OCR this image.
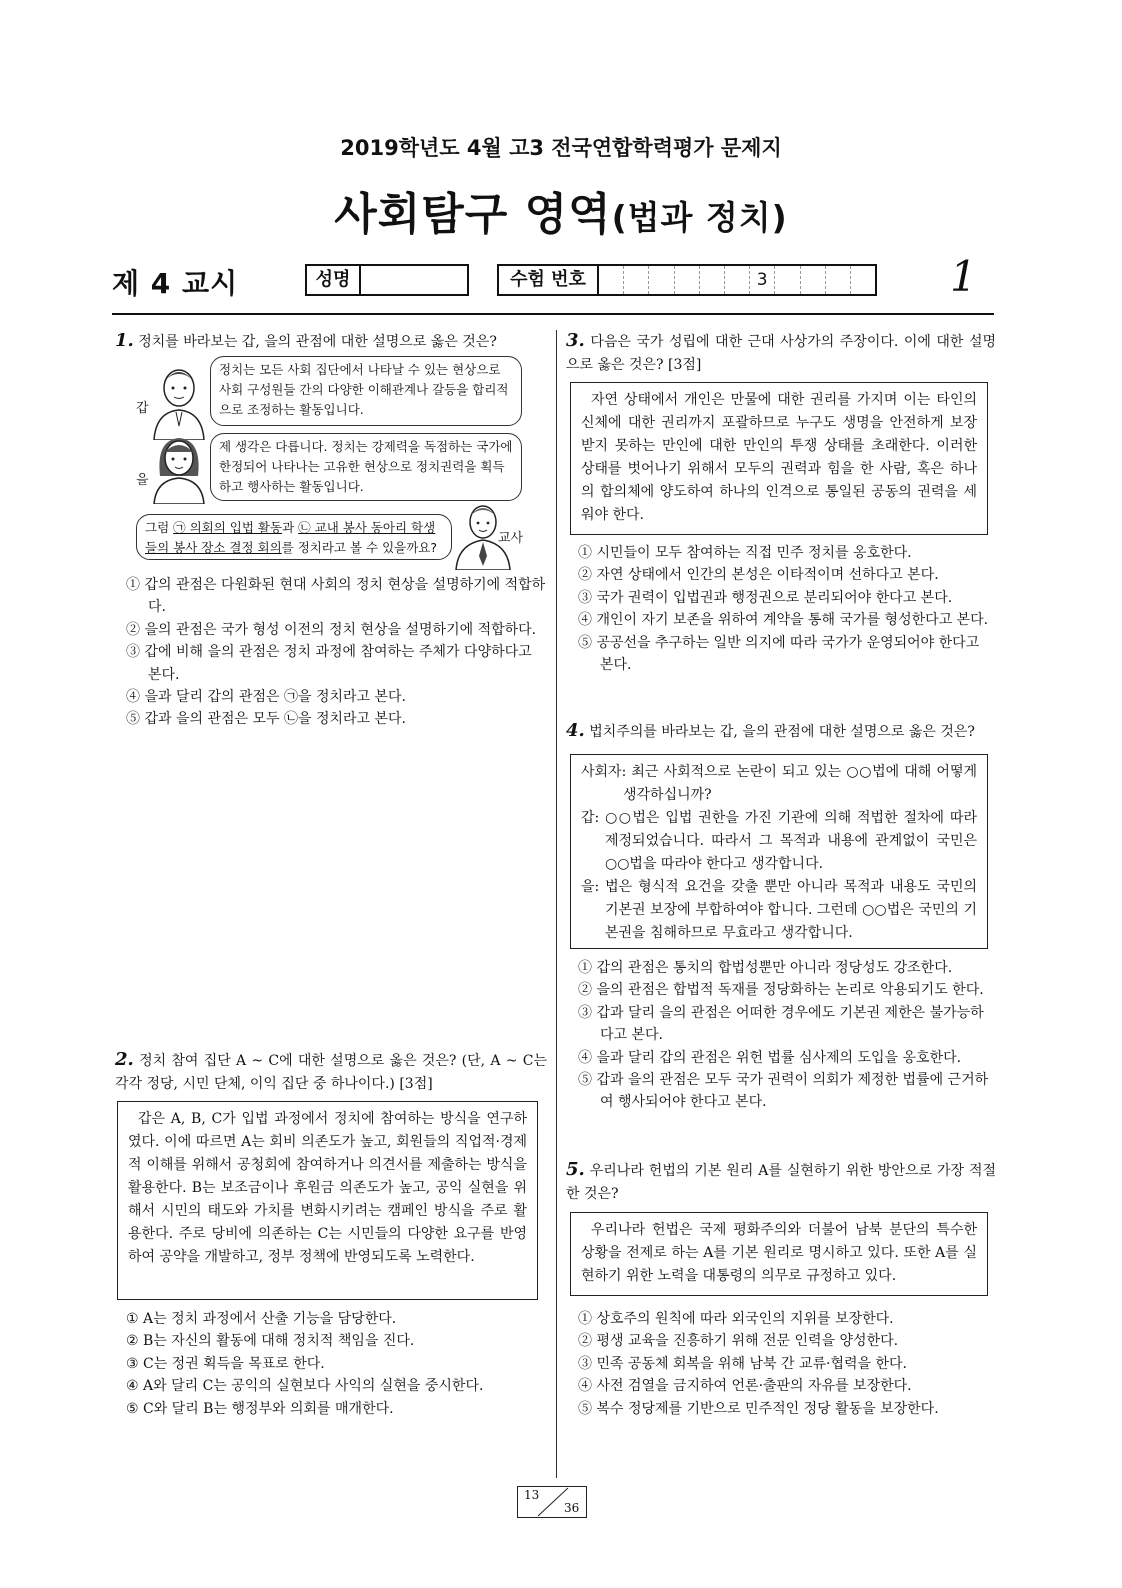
2019학년도 4월 고3 전국연합학력평가 문제지
사회탐구 영역(법과 정치)
제 4 교시	성명	수험 번호	3	1
1. 정치를 바라보는 갑, 을의 관점에 대한 설명으로 옳은 것은?
갑
정치는 모든 사회 집단에서 나타날 수 있는 현상으로
사회 구성원들 간의 다양한 이해관계나 갈등을 합리적
으로 조정하는 활동입니다.
을
제 생각은 다릅니다. 정치는 강제력을 독점하는 국가에
한정되어 나타나는 고유한 현상으로 정치권력을 획득
하고 행사하는 활동입니다.
그럼 ㉠ 의회의 입법 활동과 ㉡ 교내 봉사 동아리 학생
들의 봉사 장소 결정 회의를 정치라고 볼 수 있을까요?
교사
① 갑의 관점은 다원화된 현대 사회의 정치 현상을 설명하기에 적합하다.
② 을의 관점은 국가 형성 이전의 정치 현상을 설명하기에 적합하다.
③ 갑에 비해 을의 관점은 정치 과정에 참여하는 주체가 다양하다고 본다.
④ 을과 달리 갑의 관점은 ㉠을 정치라고 본다.
⑤ 갑과 을의 관점은 모두 ㉡을 정치라고 본다.
2. 정치 참여 집단 A ~ C에 대한 설명으로 옳은 것은? (단, A ~ C는 각각 정당, 시민 단체, 이익 집단 중 하나이다.) [3점]
갑은 A, B, C가 입법 과정에서 정치에 참여하는 방식을 연구하였다. 이에 따르면 A는 회비 의존도가 높고, 회원들의 직업적·경제적 이해를 위해서 공청회에 참여하거나 의견서를 제출하는 방식을 활용한다. B는 보조금이나 후원금 의존도가 높고, 공익 실현을 위해서 시민의 태도와 가치를 변화시키려는 캠페인 방식을 주로 활용한다. 주로 당비에 의존하는 C는 시민들의 다양한 요구를 반영하여 공약을 개발하고, 정부 정책에 반영되도록 노력한다.
① A는 정치 과정에서 산출 기능을 담당한다.
② B는 자신의 활동에 대해 정치적 책임을 진다.
③ C는 정권 획득을 목표로 한다.
④ A와 달리 C는 공익의 실현보다 사익의 실현을 중시한다.
⑤ C와 달리 B는 행정부와 의회를 매개한다.
3. 다음은 국가 성립에 대한 근대 사상가의 주장이다. 이에 대한 설명으로 옳은 것은? [3점]
자연 상태에서 개인은 만물에 대한 권리를 가지며 이는 타인의 신체에 대한 권리까지 포괄하므로 누구도 생명을 안전하게 보장받지 못하는 만인에 대한 만인의 투쟁 상태를 초래한다. 이러한 상태를 벗어나기 위해서 모두의 권력과 힘을 한 사람, 혹은 하나의 합의체에 양도하여 하나의 인격으로 통일된 공동의 권력을 세워야 한다.
① 시민들이 모두 참여하는 직접 민주 정치를 옹호한다.
② 자연 상태에서 인간의 본성은 이타적이며 선하다고 본다.
③ 국가 권력이 입법권과 행정권으로 분리되어야 한다고 본다.
④ 개인이 자기 보존을 위하여 계약을 통해 국가를 형성한다고 본다.
⑤ 공공선을 추구하는 일반 의지에 따라 국가가 운영되어야 한다고 본다.
4. 법치주의를 바라보는 갑, 을의 관점에 대한 설명으로 옳은 것은?
사회자: 최근 사회적으로 논란이 되고 있는 ○○법에 대해 어떻게 생각하십니까?
갑: ○○법은 입법 권한을 가진 기관에 의해 적법한 절차에 따라 제정되었습니다. 따라서 그 목적과 내용에 관계없이 국민은 ○○법을 따라야 한다고 생각합니다.
을: 법은 형식적 요건을 갖출 뿐만 아니라 목적과 내용도 국민의 기본권 보장에 부합하여야 합니다. 그런데 ○○법은 국민의 기본권을 침해하므로 무효라고 생각합니다.
① 갑의 관점은 통치의 합법성뿐만 아니라 정당성도 강조한다.
② 을의 관점은 합법적 독재를 정당화하는 논리로 악용되기도 한다.
③ 갑과 달리 을의 관점은 어떠한 경우에도 기본권 제한은 불가능하다고 본다.
④ 을과 달리 갑의 관점은 위헌 법률 심사제의 도입을 옹호한다.
⑤ 갑과 을의 관점은 모두 국가 권력이 의회가 제정한 법률에 근거하여 행사되어야 한다고 본다.
5. 우리나라 헌법의 기본 원리 A를 실현하기 위한 방안으로 가장 적절한 것은?
우리나라 헌법은 국제 평화주의와 더불어 남북 분단의 특수한 상황을 전제로 하는 A를 기본 원리로 명시하고 있다. 또한 A를 실현하기 위한 노력을 대통령의 의무로 규정하고 있다.
① 상호주의 원칙에 따라 외국인의 지위를 보장한다.
② 평생 교육을 진흥하기 위해 전문 인력을 양성한다.
③ 민족 공동체 회복을 위해 남북 간 교류·협력을 한다.
④ 사전 검열을 금지하여 언론·출판의 자유를 보장한다.
⑤ 복수 정당제를 기반으로 민주적인 정당 활동을 보장한다.
13
36
